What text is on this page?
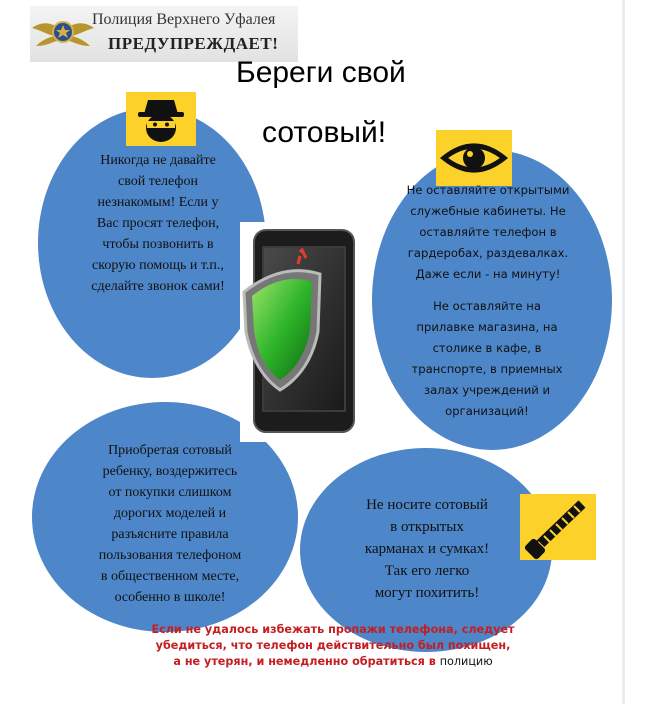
Полиция Верхнего Уфалея
ПРЕДУПРЕЖДАЕТ!
Береги свой
сотовый!
Никогда не давайте
свой телефон
незнакомым! Если у
Вас просят телефон,
чтобы позвонить в
скорую помощь и т.п.,
сделайте звонок сами!
Не оставляйте открытыми
служебные кабинеты. Не
оставляйте телефон в
гардеробах, раздевалках.
Даже если - на минуту!
Не оставляйте на
прилавке магазина, на
столике в кафе, в
транспорте, в приемных
залах учреждений и
организаций!
Приобретая сотовый
ребенку, воздержитесь
от покупки слишком
дорогих моделей и
разъясните правила
пользования телефоном
в общественном месте,
особенно в школе!
Не носите сотовый
в открытых
карманах и сумках!
Так его легко
могут похитить!
Если не удалось избежать пропажи телефона, следует
убедиться, что телефон действительно был похищен,
а не утерян, и немедленно обратиться в полицию
